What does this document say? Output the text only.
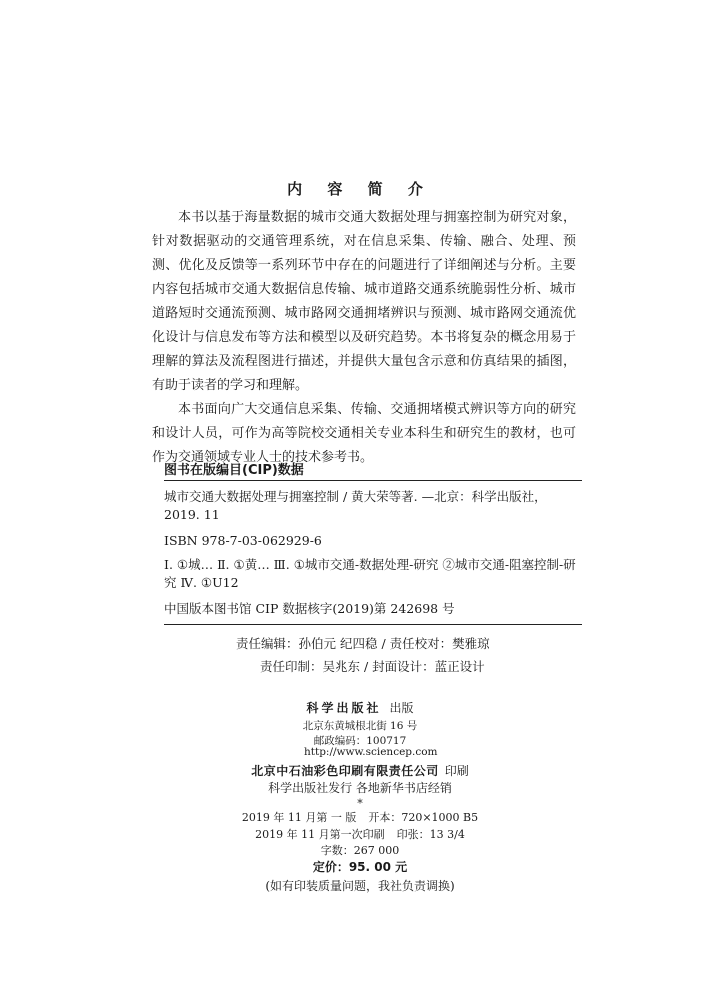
内 容 简 介

本书以基于海量数据的城市交通大数据处理与拥塞控制为研究对象，针对数据驱动的交通管理系统，对在信息采集、传输、融合、处理、预测、优化及反馈等一系列环节中存在的问题进行了详细阐述与分析。主要内容包括城市交通大数据信息传输、城市道路交通系统脆弱性分析、城市道路短时交通流预测、城市路网交通拥堵辨识与预测、城市路网交通流优化设计与信息发布等方法和模型以及研究趋势。本书将复杂的概念用易于理解的算法及流程图进行描述，并提供大量包含示意和仿真结果的插图，有助于读者的学习和理解。

本书面向广大交通信息采集、传输、交通拥堵模式辨识等方向的研究和设计人员，可作为高等院校交通相关专业本科生和研究生的教材，也可作为交通领域专业人士的技术参考书。

图书在版编目(CIP)数据

城市交通大数据处理与拥塞控制 / 黄大荣等著. —北京：科学出版社，2019. 11

ISBN 978-7-03-062929-6

Ⅰ. ①城… Ⅱ. ①黄… Ⅲ. ①城市交通-数据处理-研究 ②城市交通-阻塞控制-研究 Ⅳ. ①U12

中国版本图书馆 CIP 数据核字(2019)第 242698 号

责任编辑：孙伯元 纪四稳 / 责任校对：樊雅琼

责任印制：吴兆东 / 封面设计：蓝正设计

科学出版社 出版

北京东黄城根北街 16 号

邮政编码：100717

http://www.sciencep.com

北京中石油彩色印刷有限责任公司 印刷

科学出版社发行 各地新华书店经销

*

2019 年 11 月第 一 版 开本：720×1000 B5

2019 年 11 月第一次印刷 印张：13 3/4

字数：267 000

定价：95. 00 元

(如有印装质量问题，我社负责调换)
